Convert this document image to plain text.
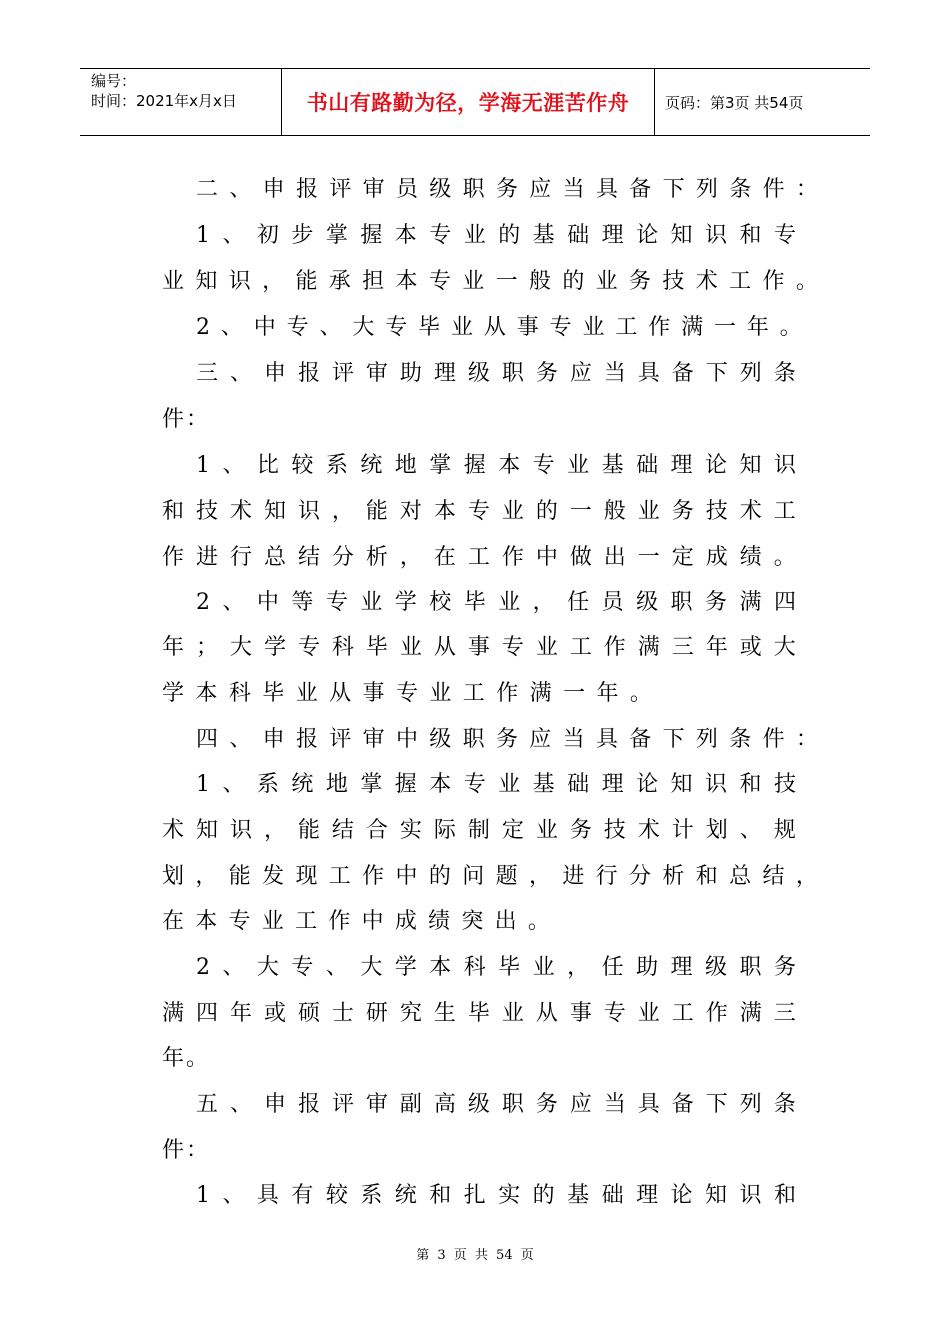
编号：
时间：2021年x月x日	书山有路勤为径，学海无涯苦作舟	页码：第3页 共54页
二 、 申 报 评 审 员 级 职 务 应 当 具 备 下 列 条 件 ：
1 、 初 步 掌 握 本 专 业 的 基 础 理 论 知 识 和 专
业 知 识 ， 能 承 担 本 专 业 一 般 的 业 务 技 术 工 作 。
2 、 中 专 、 大 专 毕 业 从 事 专 业 工 作 满 一 年 。
三 、 申 报 评 审 助 理 级 职 务 应 当 具 备 下 列 条
件 ：
1 、 比 较 系 统 地 掌 握 本 专 业 基 础 理 论 知 识
和 技 术 知 识 ， 能 对 本 专 业 的 一 般 业 务 技 术 工
作 进 行 总 结 分 析 ， 在 工 作 中 做 出 一 定 成 绩 。
2 、 中 等 专 业 学 校 毕 业 ， 任 员 级 职 务 满 四
年 ； 大 学 专 科 毕 业 从 事 专 业 工 作 满 三 年 或 大
学 本 科 毕 业 从 事 专 业 工 作 满 一 年 。
四 、 申 报 评 审 中 级 职 务 应 当 具 备 下 列 条 件 ：
1 、 系 统 地 掌 握 本 专 业 基 础 理 论 知 识 和 技
术 知 识 ， 能 结 合 实 际 制 定 业 务 技 术 计 划 、 规
划 ， 能 发 现 工 作 中 的 问 题 ， 进 行 分 析 和 总 结 ，
在 本 专 业 工 作 中 成 绩 突 出 。
2 、 大 专 、 大 学 本 科 毕 业 ， 任 助 理 级 职 务
满 四 年 或 硕 士 研 究 生 毕 业 从 事 专 业 工 作 满 三
年 。
五 、 申 报 评 审 副 高 级 职 务 应 当 具 备 下 列 条
件 ：
1 、 具 有 较 系 统 和 扎 实 的 基 础 理 论 知 识 和
第 3 页 共 54 页
